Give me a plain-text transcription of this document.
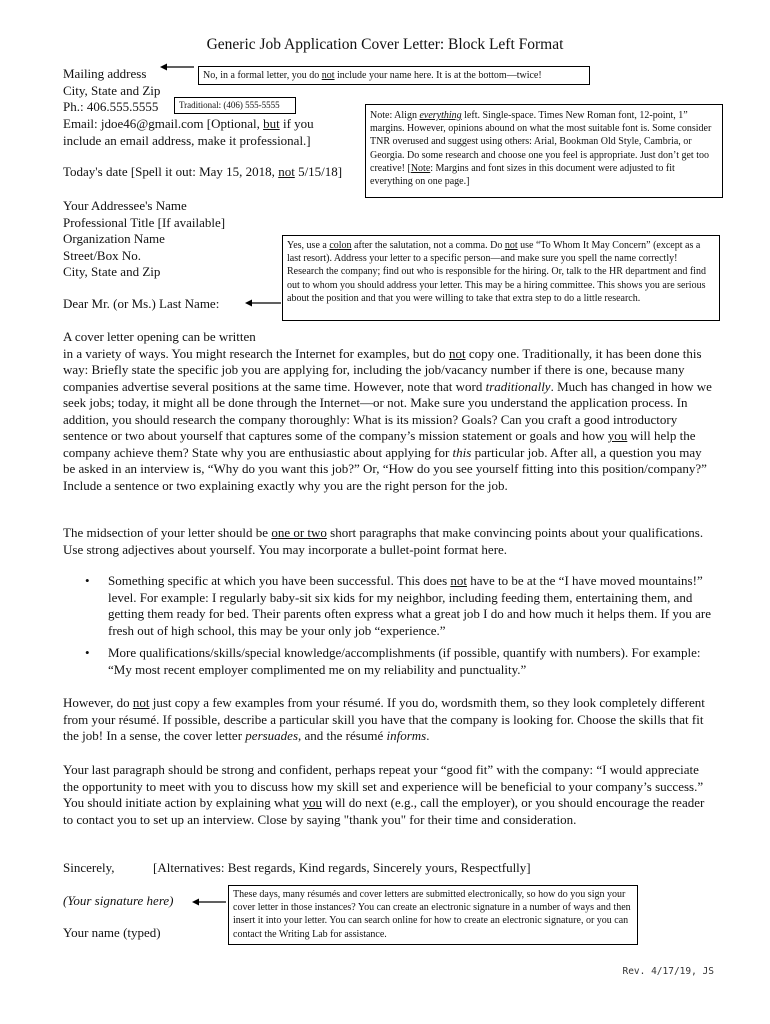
Generic Job Application Cover Letter: Block Left Format
Mailing address
City, State and Zip
Ph.: 406.555.5555
Email: jdoe46@gmail.com [Optional, but if you
include an email address, make it professional.]
Today's date [Spell it out: May 15, 2018, not 5/15/18]
No, in a formal letter, you do not include your name here. It is at the bottom—twice!
Traditional: (406) 555-5555
Note: Align everything left. Single-space. Times New Roman font, 12-point, 1” margins. However, opinions abound on what the most suitable font is. Some consider TNR overused and suggest using others: Arial, Bookman Old Style, Cambria, or Georgia. Do some research and choose one you feel is appropriate. Just don’t get too creative! [Note: Margins and font sizes in this document were adjusted to fit everything on one page.]
Your Addressee's Name
Professional Title [If available]
Organization Name
Street/Box No.
City, State and Zip
Dear Mr. (or Ms.) Last Name:
Yes, use a colon after the salutation, not a comma. Do not use “To Whom It May Concern” (except as a last resort). Address your letter to a specific person—and make sure you spell the name correctly! Research the company; find out who is responsible for the hiring. Or, talk to the HR department and find out to whom you should address your letter. This may be a hiring committee. This shows you are serious about the position and that you were willing to take that extra step to do a little research.
A cover letter opening can be written
in a variety of ways. You might research the Internet for examples, but do not copy one. Traditionally, it has been done this way: Briefly state the specific job you are applying for, including the job/vacancy number if there is one, because many companies advertise several positions at the same time. However, note that word traditionally. Much has changed in how we seek jobs; today, it might all be done through the Internet—or not. Make sure you understand the application process. In addition, you should research the company thoroughly: What is its mission? Goals? Can you craft a good introductory sentence or two about yourself that captures some of the company’s mission statement or goals and how you will help the company achieve them? State why you are enthusiastic about applying for this particular job. After all, a question you may be asked in an interview is, “Why do you want this job?” Or, “How do you see yourself fitting into this position/company?” Include a sentence or two explaining exactly why you are the right person for the job.
The midsection of your letter should be one or two short paragraphs that make convincing points about your qualifications. Use strong adjectives about yourself. You may incorporate a bullet-point format here.
• Something specific at which you have been successful. This does not have to be at the “I have moved mountains!” level. For example: I regularly baby-sit six kids for my neighbor, including feeding them, entertaining them, and getting them ready for bed. Their parents often express what a great job I do and how much it helps them. If you are fresh out of high school, this may be your only job “experience.”
• More qualifications/skills/special knowledge/accomplishments (if possible, quantify with numbers). For example: “My most recent employer complimented me on my reliability and punctuality.”
However, do not just copy a few examples from your résumé. If you do, wordsmith them, so they look completely different from your résumé. If possible, describe a particular skill you have that the company is looking for. Choose the skills that fit the job! In a sense, the cover letter persuades, and the résumé informs.
Your last paragraph should be strong and confident, perhaps repeat your “good fit” with the company: “I would appreciate the opportunity to meet with you to discuss how my skill set and experience will be beneficial to your company’s success.” You should initiate action by explaining what you will do next (e.g., call the employer), or you should encourage the reader to contact you to set up an interview. Close by saying "thank you" for their time and consideration.
Sincerely,	[Alternatives: Best regards, Kind regards, Sincerely yours, Respectfully]
(Your signature here)	These days, many résumés and cover letters are submitted electronically, so how do you sign your cover letter in those instances? You can create an electronic signature in a number of ways and then insert it into your letter. You can search online for how to create an electronic signature, or you can contact the Writing Lab for assistance.
Your name (typed)
Rev. 4/17/19, JS
